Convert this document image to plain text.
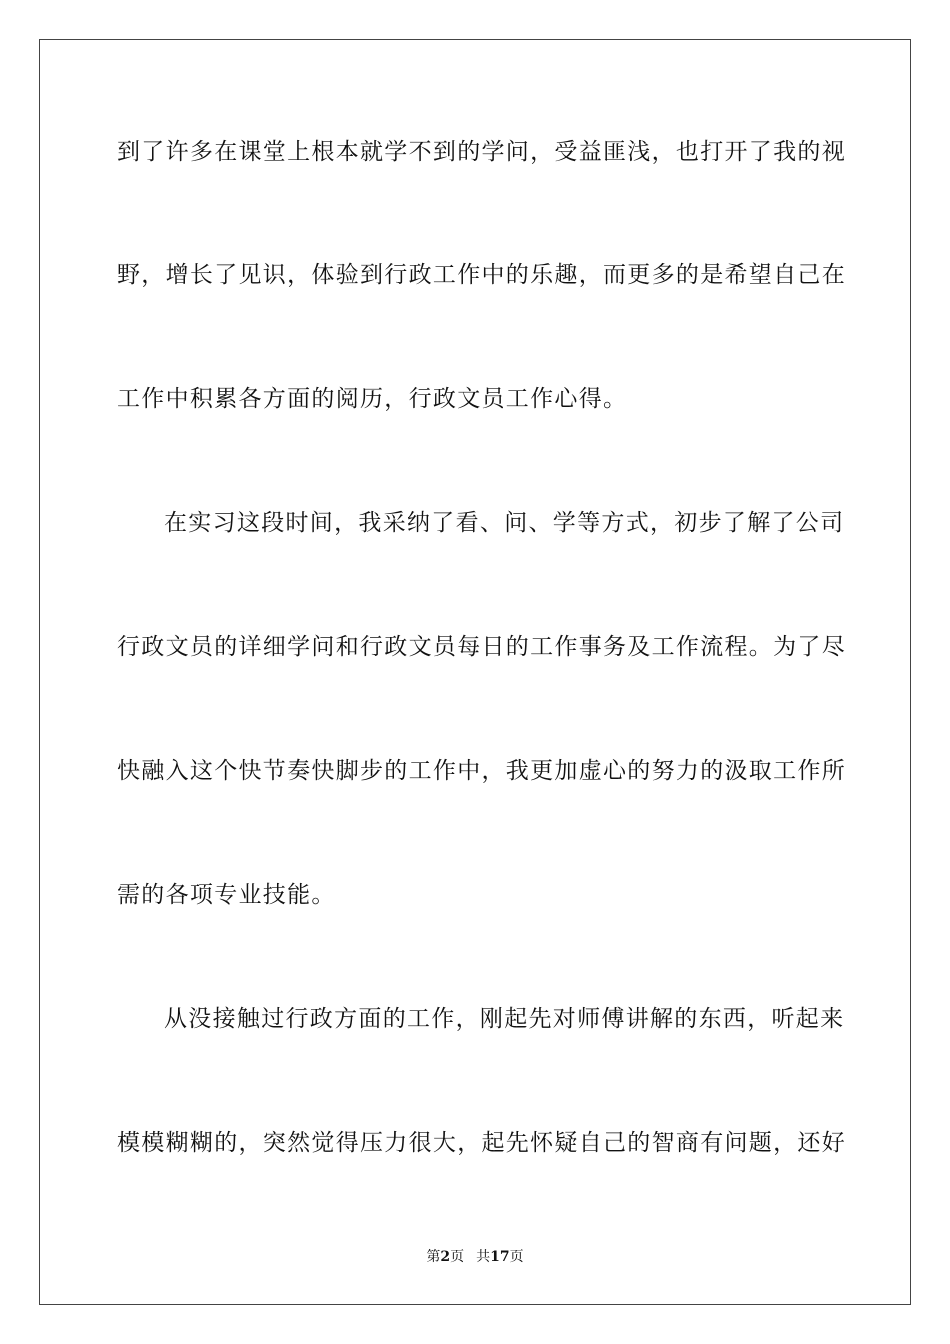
到了许多在课堂上根本就学不到的学问，受益匪浅，也打开了我的视
野，增长了见识，体验到行政工作中的乐趣，而更多的是希望自己在
工作中积累各方面的阅历，行政文员工作心得。
在实习这段时间，我采纳了看、问、学等方式，初步了解了公司
行政文员的详细学问和行政文员每日的工作事务及工作流程。为了尽
快融入这个快节奏快脚步的工作中，我更加虚心的努力的汲取工作所
需的各项专业技能。
从没接触过行政方面的工作，刚起先对师傅讲解的东西，听起来
模模糊糊的，突然觉得压力很大，起先怀疑自己的智商有问题，还好
第2页 共17页
